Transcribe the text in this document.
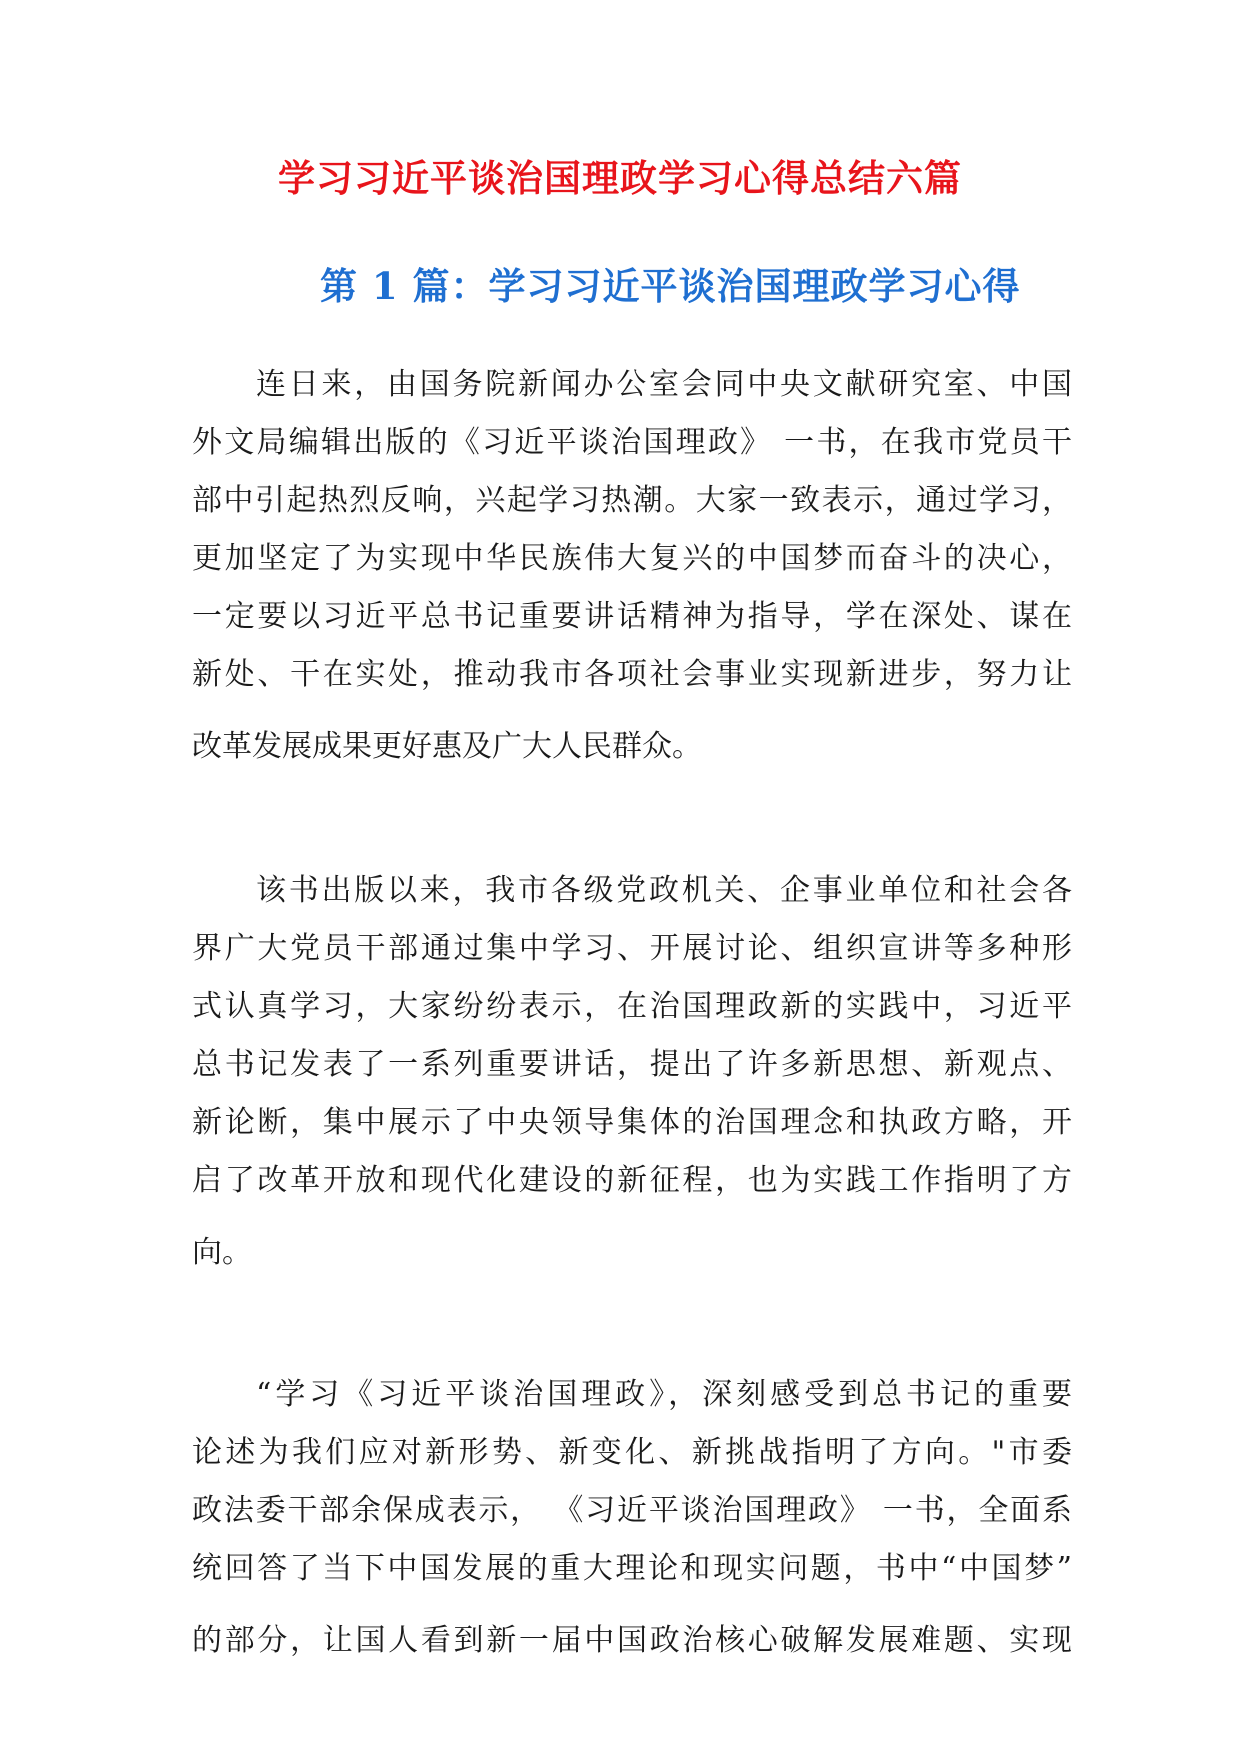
学习习近平谈治国理政学习心得总结六篇
第 1 篇：学习习近平谈治国理政学习心得
连日来，由国务院新闻办公室会同中央文献研究室、中国
外文局编辑出版的《习近平谈治国理政》 一书，在我市党员干
部中引起热烈反响，兴起学习热潮。大家一致表示，通过学习，
更加坚定了为实现中华民族伟大复兴的中国梦而奋斗的决心，
一定要以习近平总书记重要讲话精神为指导，学在深处、谋在
新处、干在实处，推动我市各项社会事业实现新进步，努力让
改革发展成果更好惠及广大人民群众。
该书出版以来，我市各级党政机关、企事业单位和社会各
界广大党员干部通过集中学习、开展讨论、组织宣讲等多种形
式认真学习，大家纷纷表示，在治国理政新的实践中，习近平
总书记发表了一系列重要讲话，提出了许多新思想、新观点、
新论断，集中展示了中央领导集体的治国理念和执政方略，开
启了改革开放和现代化建设的新征程，也为实践工作指明了方
向。
“学习《习近平谈治国理政》，深刻感受到总书记的重要
论述为我们应对新形势、新变化、新挑战指明了方向。"市委
政法委干部余保成表示， 《习近平谈治国理政》 一书，全面系
统回答了当下中国发展的重大理论和现实问题，书中“中国梦”
的部分，让国人看到新一届中国政治核心破解发展难题、实现
